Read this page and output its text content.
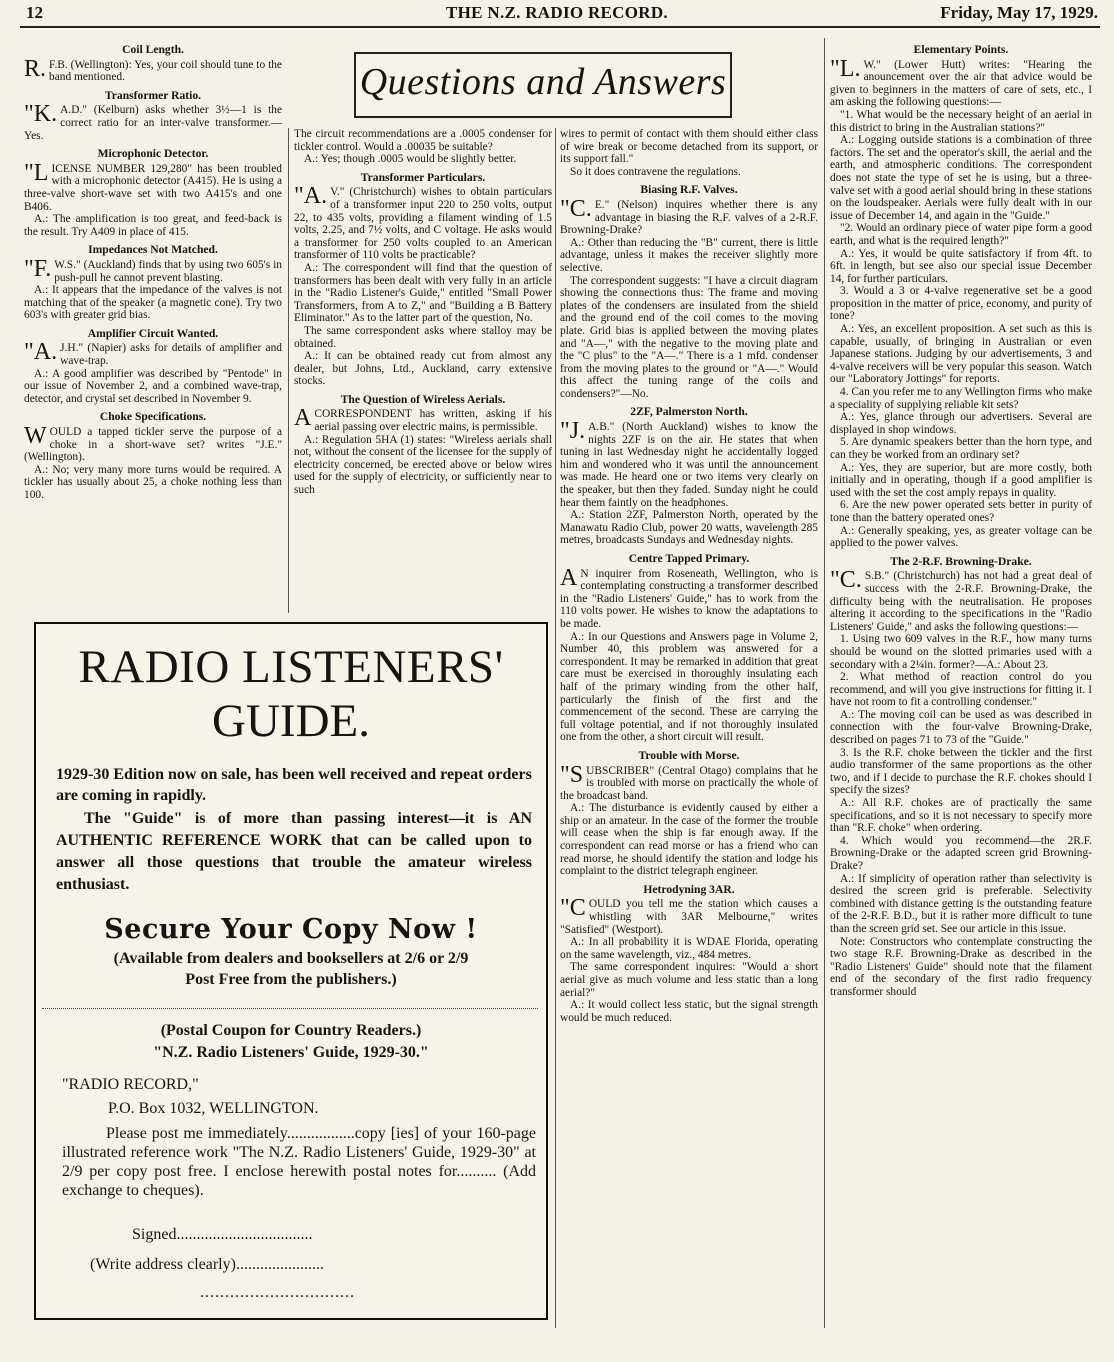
12	THE N.Z. RADIO RECORD.	Friday, May 17, 1929.
Coil Length.

R.F.B. (Wellington): Yes, your coil should tune to the band mentioned.

Transformer Ratio.

"K.A.D." (Kelburn) asks whether 3½—1 is the correct ratio for an inter-valve transformer.—Yes.

Microphonic Detector.

"LICENSE NUMBER 129,280" has been troubled with a microphonic detector (A415). He is using a three-valve short-wave set with two A415's and one B406.

A.: The amplification is too great, and feed-back is the result. Try A409 in place of 415.

Impedances Not Matched.

"F.W.S." (Auckland) finds that by using two 605's in push-pull he cannot prevent blasting.

A.: It appears that the impedance of the valves is not matching that of the speaker (a magnetic cone). Try two 603's with greater grid bias.

Amplifier Circuit Wanted.

"A.J.H." (Napier) asks for details of amplifier and wave-trap.

A.: A good amplifier was described by "Pentode" in our issue of November 2, and a combined wave-trap, detector, and crystal set described in November 9.

Choke Specifications.

WOULD a tapped tickler serve the purpose of a choke in a short-wave set? writes "J.E." (Wellington).

A.: No; very many more turns would be required. A tickler has usually about 25, a choke nothing less than 100.

Questions and Answers

The circuit recommendations are a .0005 condenser for tickler control. Would a .00035 be suitable?

A.: Yes; though .0005 would be slightly better.

Transformer Particulars.

"A.V." (Christchurch) wishes to obtain particulars of a transformer input 220 to 250 volts, output 22, to 435 volts, providing a filament winding of 1.5 volts, 2.25, and 7½ volts, and C voltage. He asks would a transformer for 250 volts coupled to an American transformer of 110 volts be practicable?

A.: The correspondent will find that the question of transformers has been dealt with very fully in an article in the "Radio Listener's Guide," entitled "Small Power Transformers, from A to Z," and "Building a B Battery Eliminator." As to the latter part of the question, No.

The same correspondent asks where stalloy may be obtained.

A.: It can be obtained ready cut from almost any dealer, but Johns, Ltd., Auckland, carry extensive stocks.

The Question of Wireless Aerials.

ACORRESPONDENT has written, asking if his aerial passing over electric mains, is permissible.

A.: Regulation 5HA (1) states: "Wireless aerials shall not, without the consent of the licensee for the supply of electricity concerned, be erected above or below wires used for the supply of electricity, or sufficiently near to such

wires to permit of contact with them should either class of wire break or become detached from its support, or its support fall."

So it does contravene the regulations.

Biasing R.F. Valves.

"C.E." (Nelson) inquires whether there is any advantage in biasing the R.F. valves of a 2-R.F. Browning-Drake?

A.: Other than reducing the "B" current, there is little advantage, unless it makes the receiver slightly more selective.

The correspondent suggests: "I have a circuit diagram showing the connections thus: The frame and moving plates of the condensers are insulated from the shield and the ground end of the coil comes to the moving plate. Grid bias is applied between the moving plates and "A—," with the negative to the moving plate and the "C plus" to the "A—." There is a 1 mfd. condenser from the moving plates to the ground or "A—." Would this affect the tuning range of the coils and condensers?"—No.

2ZF, Palmerston North.

"J.A.B." (North Auckland) wishes to know the nights 2ZF is on the air. He states that when tuning in last Wednesday night he accidentally logged him and wondered who it was until the announcement was made. He heard one or two items very clearly on the speaker, but then they faded. Sunday night he could hear them faintly on the headphones.

A.: Station 2ZF, Palmerston North, operated by the Manawatu Radio Club, power 20 watts, wavelength 285 metres, broadcasts Sundays and Wednesday nights.

Centre Tapped Primary.

AN inquirer from Roseneath, Wellington, who is contemplating constructing a transformer described in the "Radio Listeners' Guide," has to work from the 110 volts power. He wishes to know the adaptations to be made.

A.: In our Questions and Answers page in Volume 2, Number 40, this problem was answered for a correspondent. It may be remarked in addition that great care must be exercised in thoroughly insulating each half of the primary winding from the other half, particularly the finish of the first and the commencement of the second. These are carrying the full voltage potential, and if not thoroughly insulated one from the other, a short circuit will result.

Trouble with Morse.

"SUBSCRIBER" (Central Otago) complains that he is troubled with morse on practically the whole of the broadcast band.

A.: The disturbance is evidently caused by either a ship or an amateur. In the case of the former the trouble will cease when the ship is far enough away. If the correspondent can read morse or has a friend who can read morse, he should identify the station and lodge his complaint to the district telegraph engineer.

Hetrodyning 3AR.

"COULD you tell me the station which causes a whistling with 3AR Melbourne," writes "Satisfied" (Westport).

A.: In all probability it is WDAE Florida, operating on the same wavelength, viz., 484 metres.

The same correspondent inquires: "Would a short aerial give as much volume and less static than a long aerial?"

A.: It would collect less static, but the signal strength would be much reduced.

Elementary Points.

"L.W." (Lower Hutt) writes: "Hearing the anouncement over the air that advice would be given to beginners in the matters of care of sets, etc., I am asking the following questions:—

"1. What would be the necessary height of an aerial in this district to bring in the Australian stations?"

A.: Logging outside stations is a combination of three factors. The set and the operator's skill, the aerial and the earth, and atmospheric conditions. The correspondent does not state the type of set he is using, but a three-valve set with a good aerial should bring in these stations on the loudspeaker. Aerials were fully dealt with in our issue of December 14, and again in the "Guide."

"2. Would an ordinary piece of water pipe form a good earth, and what is the required length?"

A.: Yes, it would be quite satisfactory if from 4ft. to 6ft. in length, but see also our special issue December 14, for further particulars.

3. Would a 3 or 4-valve regenerative set be a good proposition in the matter of price, economy, and purity of tone?

A.: Yes, an excellent proposition. A set such as this is capable, usually, of bringing in Australian or even Japanese stations. Judging by our advertisements, 3 and 4-valve receivers will be very popular this season. Watch our "Laboratory Jottings" for reports.

4. Can you refer me to any Wellington firms who make a speciality of supplying reliable kit sets?

A.: Yes, glance through our advertisers. Several are displayed in shop windows.

5. Are dynamic speakers better than the horn type, and can they be worked from an ordinary set?

A.: Yes, they are superior, but are more costly, both initially and in operating, though if a good amplifier is used with the set the cost amply repays in quality.

6. Are the new power operated sets better in purity of tone than the battery operated ones?

A.: Generally speaking, yes, as greater voltage can be applied to the power valves.

The 2-R.F. Browning-Drake.

"C.S.B." (Christchurch) has not had a great deal of success with the 2-R.F. Browning-Drake, the difficulty being with the neutralisation. He proposes altering it according to the specifications in the "Radio Listeners' Guide," and asks the following questions:—

1. Using two 609 valves in the R.F., how many turns should be wound on the slotted primaries used with a secondary with a 2¼in. former?—A.: About 23.

2. What method of reaction control do you recommend, and will you give instructions for fitting it. I have not room to fit a controlling condenser."

A.: The moving coil can be used as was described in connection with the four-valve Browning-Drake, described on pages 71 to 73 of the "Guide."

3. Is the R.F. choke between the tickler and the first audio transformer of the same proportions as the other two, and if I decide to purchase the R.F. chokes should I specify the sizes?

A.: All R.F. chokes are of practically the same specifications, and so it is not necessary to specify more than "R.F. choke" when ordering.

4. Which would you recommend—the 2R.F. Browning-Drake or the adapted screen grid Browning-Drake?

A.: If simplicity of operation rather than selectivity is desired the screen grid is preferable. Selectivity combined with distance getting is the outstanding feature of the 2-R.F. B.D., but it is rather more difficult to tune than the screen grid set. See our article in this issue.

Note: Constructors who contemplate constructing the two stage R.F. Browning-Drake as described in the "Radio Listeners' Guide" should note that the filament end of the secondary of the first radio frequency transformer should

RADIO LISTENERS'
GUIDE.
1929-30 Edition now on sale, has been well received and repeat orders are coming in rapidly.
The "Guide" is of more than passing interest—it is AN AUTHENTIC REFERENCE WORK that can be called upon to answer all those questions that trouble the amateur wireless enthusiast.
Secure Your Copy Now !
(Available from dealers and booksellers at 2/6 or 2/9
Post Free from the publishers.)
(Postal Coupon for Country Readers.)
"N.Z. Radio Listeners' Guide, 1929-30."
"RADIO RECORD,"
P.O. Box 1032, WELLINGTON.
Please post me immediately.................copy [ies] of your 160-page illustrated reference work "The N.Z. Radio Listeners' Guide, 1929-30" at 2/9 per copy post free. I enclose herewith postal notes for.......... (Add exchange to cheques).
Signed..................................
(Write address clearly)......................
...............................
